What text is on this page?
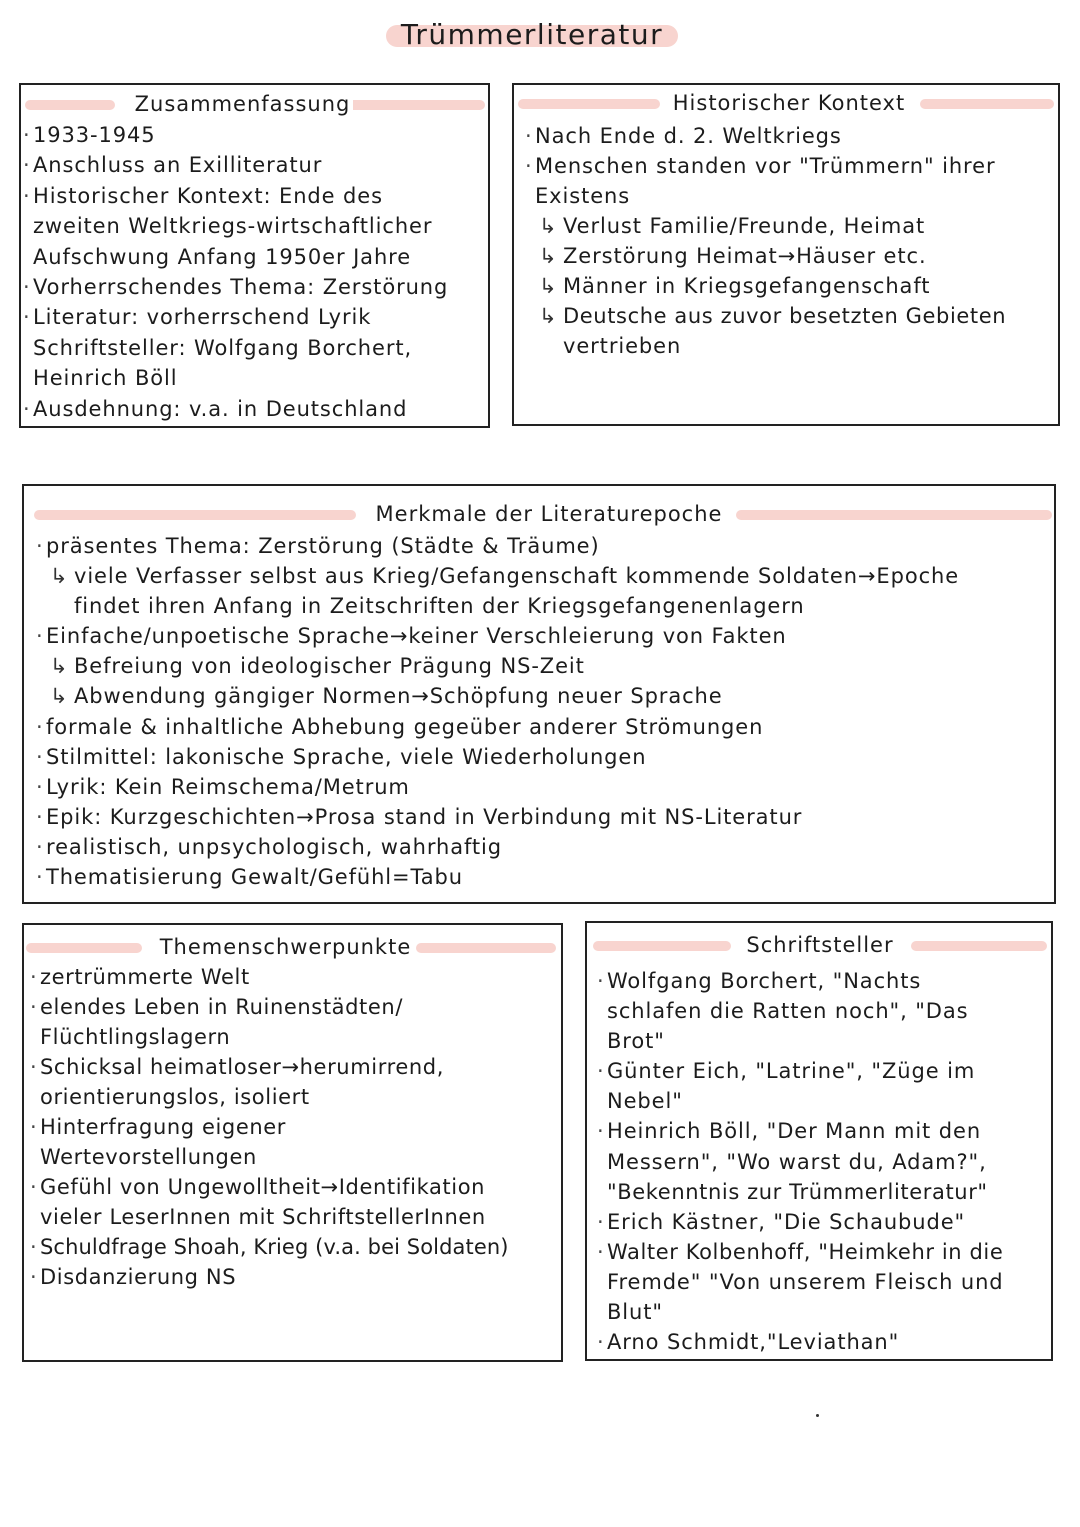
Trümmerliteratur
Zusammenfassung
· 1933-1945
· Anschluss an Exilliteratur
· Historischer Kontext: Ende des
zweiten Weltkriegs-wirtschaftlicher
Aufschwung Anfang 1950er Jahre
· Vorherrschendes Thema: Zerstörung
· Literatur: vorherrschend Lyrik
Schriftsteller: Wolfgang Borchert,
Heinrich Böll
· Ausdehnung: v.a. in Deutschland
Historischer Kontext
· Nach Ende d. 2. Weltkriegs
· Menschen standen vor "Trümmern" ihrer
Existens
↳ Verlust Familie/Freunde, Heimat
↳ Zerstörung Heimat→Häuser etc.
↳ Männer in Kriegsgefangenschaft
↳ Deutsche aus zuvor besetzten Gebieten
vertrieben
Merkmale der Literaturepoche
· präsentes Thema: Zerstörung (Städte & Träume)
↳ viele Verfasser selbst aus Krieg/Gefangenschaft kommende Soldaten→Epoche
findet ihren Anfang in Zeitschriften der Kriegsgefangenenlagern
· Einfache/unpoetische Sprache→keiner Verschleierung von Fakten
↳ Befreiung von ideologischer Prägung NS-Zeit
↳ Abwendung gängiger Normen→Schöpfung neuer Sprache
· formale & inhaltliche Abhebung gegeüber anderer Strömungen
· Stilmittel: lakonische Sprache, viele Wiederholungen
· Lyrik: Kein Reimschema/Metrum
· Epik: Kurzgeschichten→Prosa stand in Verbindung mit NS-Literatur
· realistisch, unpsychologisch, wahrhaftig
· Thematisierung Gewalt/Gefühl=Tabu
Themenschwerpunkte
· zertrümmerte Welt
· elendes Leben in Ruinenstädten/
Flüchtlingslagern
· Schicksal heimatloser→herumirrend,
orientierungslos, isoliert
· Hinterfragung eigener
Wertevorstellungen
· Gefühl von Ungewolltheit→Identifikation
vieler LeserInnen mit SchriftstellerInnen
· Schuldfrage Shoah, Krieg (v.a. bei Soldaten)
· Disdanzierung NS
Schriftsteller
· Wolfgang Borchert, "Nachts
schlafen die Ratten noch", "Das
Brot"
· Günter Eich, "Latrine", "Züge im
Nebel"
· Heinrich Böll, "Der Mann mit den
Messern", "Wo warst du, Adam?",
"Bekenntnis zur Trümmerliteratur"
· Erich Kästner, "Die Schaubude"
· Walter Kolbenhoff, "Heimkehr in die
Fremde" "Von unserem Fleisch und
Blut"
· Arno Schmidt,"Leviathan"
